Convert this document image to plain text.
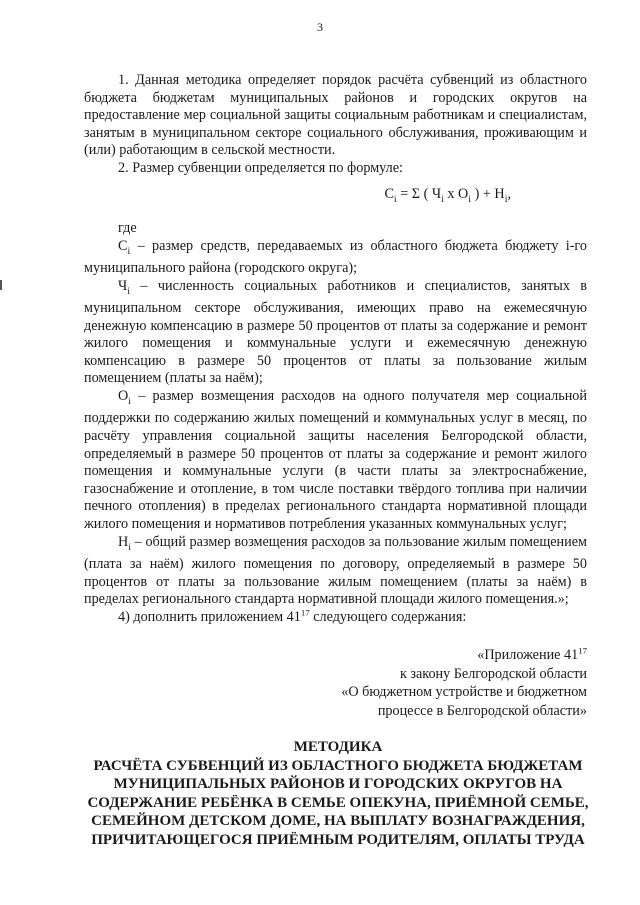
3

1. Данная методика определяет порядок расчёта субвенций из областного бюджета бюджетам муниципальных районов и городских округов на предоставление мер социальной защиты социальным работникам и специалистам, занятым в муниципальном секторе социального обслуживания, проживающим и (или) работающим в сельской местности.

2. Размер субвенции определяется по формуле:

$C_i = \Sigma$ ( $Ч_i$ x $O_i$ ) + $H_i$,

где

$C_i$ – размер средств, передаваемых из областного бюджета бюджету i-го муниципального района (городского округа);

$Ч_i$ – численность социальных работников и специалистов, занятых в муниципальном секторе обслуживания, имеющих право на ежемесячную денежную компенсацию в размере 50 процентов от платы за содержание и ремонт жилого помещения и коммунальные услуги и ежемесячную денежную компенсацию в размере 50 процентов от платы за пользование жилым помещением (платы за наём);

$O_i$ – размер возмещения расходов на одного получателя мер социальной поддержки по содержанию жилых помещений и коммунальных услуг в месяц, по расчёту управления социальной защиты населения Белгородской области, определяемый в размере 50 процентов от платы за содержание и ремонт жилого помещения и коммунальные услуги (в части платы за электроснабжение, газоснабжение и отопление, в том числе поставки твёрдого топлива при наличии печного отопления) в пределах регионального стандарта нормативной площади жилого помещения и нормативов потребления указанных коммунальных услуг;

$H_i$ – общий размер возмещения расходов за пользование жилым помещением (плата за наём) жилого помещения по договору, определяемый в размере 50 процентов от платы за пользование жилым помещением (платы за наём) в пределах регионального стандарта нормативной площади жилого помещения.»;

4) дополнить приложением $41^{17}$ следующего содержания:

«Приложение $41^{17}$
к закону Белгородской области
«О бюджетном устройстве и бюджетном
процессе в Белгородской области»
МЕТОДИКА
РАСЧЁТА СУБВЕНЦИЙ ИЗ ОБЛАСТНОГО БЮДЖЕТА БЮДЖЕТАМ
МУНИЦИПАЛЬНЫХ РАЙОНОВ И ГОРОДСКИХ ОКРУГОВ НА
СОДЕРЖАНИЕ РЕБЁНКА В СЕМЬЕ ОПЕКУНА, ПРИЁМНОЙ СЕМЬЕ,
СЕМЕЙНОМ ДЕТСКОМ ДОМЕ, НА ВЫПЛАТУ ВОЗНАГРАЖДЕНИЯ,
ПРИЧИТАЮЩЕГОСЯ ПРИЁМНЫМ РОДИТЕЛЯМ, ОПЛАТЫ ТРУДА
